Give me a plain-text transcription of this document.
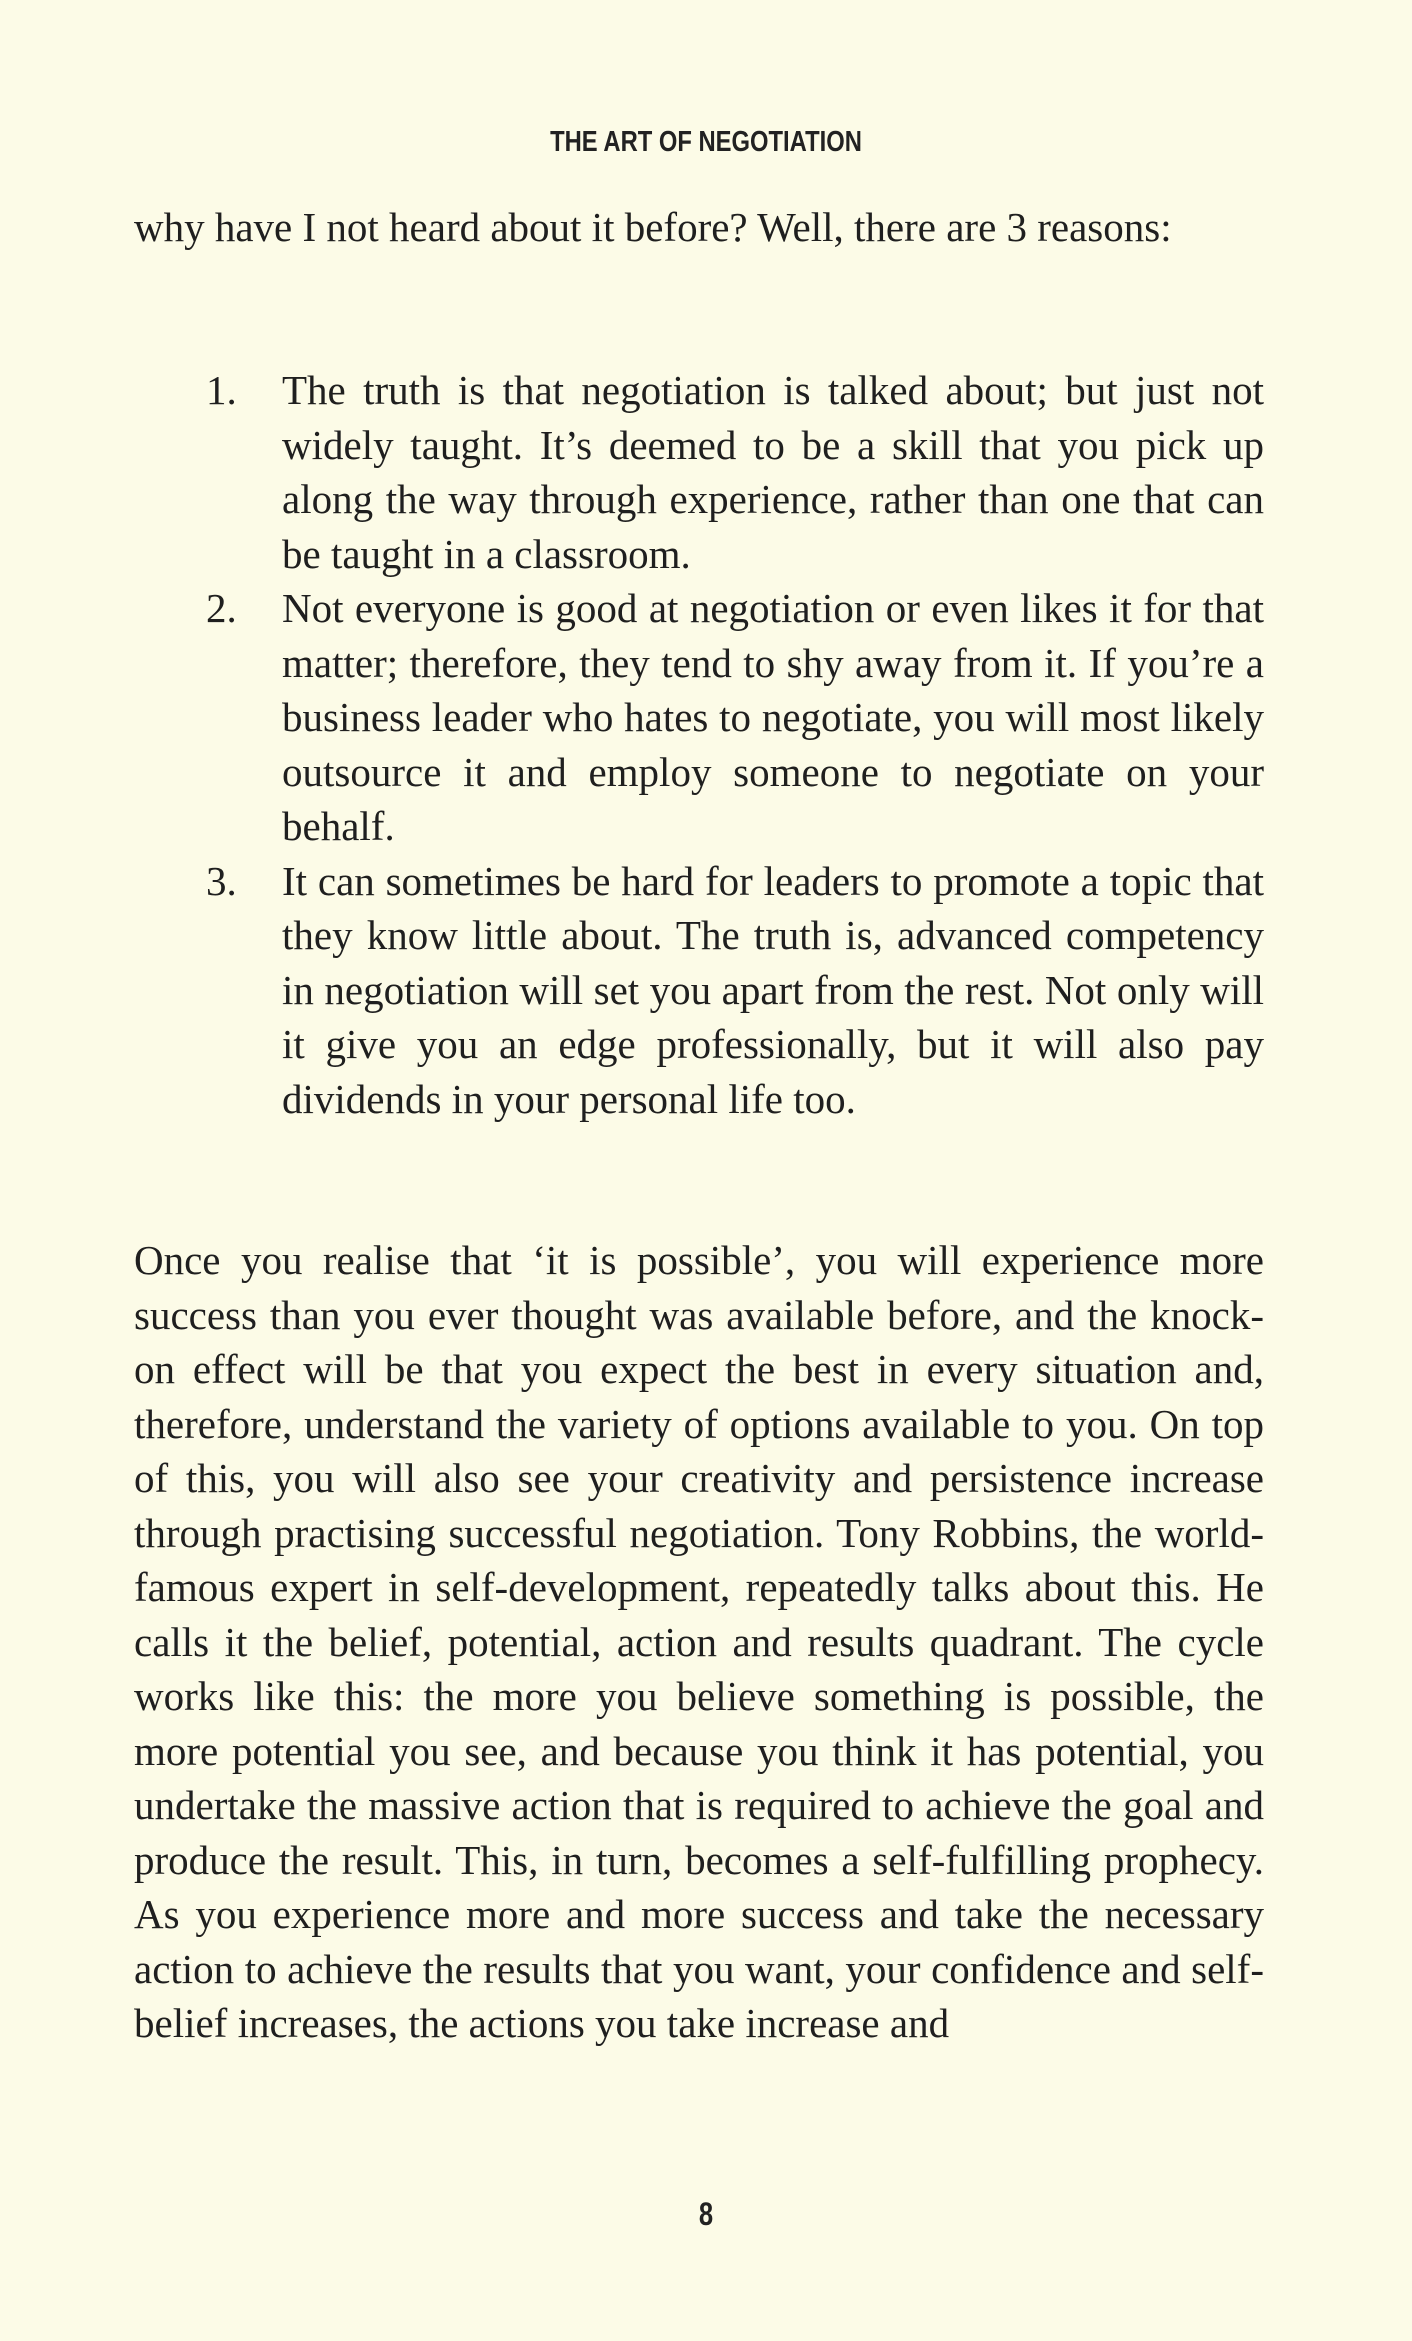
THE ART OF NEGOTIATION

why have I not heard about it before? Well, there are 3 reasons:

1.	The truth is that negotiation is talked about; but just not widely taught. It’s deemed to be a skill that you pick up along the way through experience, rather than one that can be taught in a classroom.
2.	Not everyone is good at negotiation or even likes it for that matter; therefore, they tend to shy away from it. If you’re a business leader who hates to negotiate, you will most likely outsource it and employ someone to negotiate on your behalf.
3.	It can sometimes be hard for leaders to promote a topic that they know little about. The truth is, advanced competency in negotiation will set you apart from the rest. Not only will it give you an edge professionally, but it will also pay dividends in your personal life too.

Once you realise that ‘it is possible’, you will experience more success than you ever thought was available before, and the knock-on effect will be that you expect the best in every situation and, therefore, understand the variety of options available to you. On top of this, you will also see your creativity and persistence increase through practising successful negotiation. Tony Robbins, the world-famous expert in self-development, repeatedly talks about this. He calls it the belief, potential, action and results quadrant. The cycle works like this: the more you believe something is possible, the more potential you see, and because you think it has potential, you undertake the massive action that is required to achieve the goal and produce the result. This, in turn, becomes a self-fulfilling prophecy. As you experience more and more success and take the necessary action to achieve the results that you want, your confidence and self-belief increases, the actions you take increase and

8
